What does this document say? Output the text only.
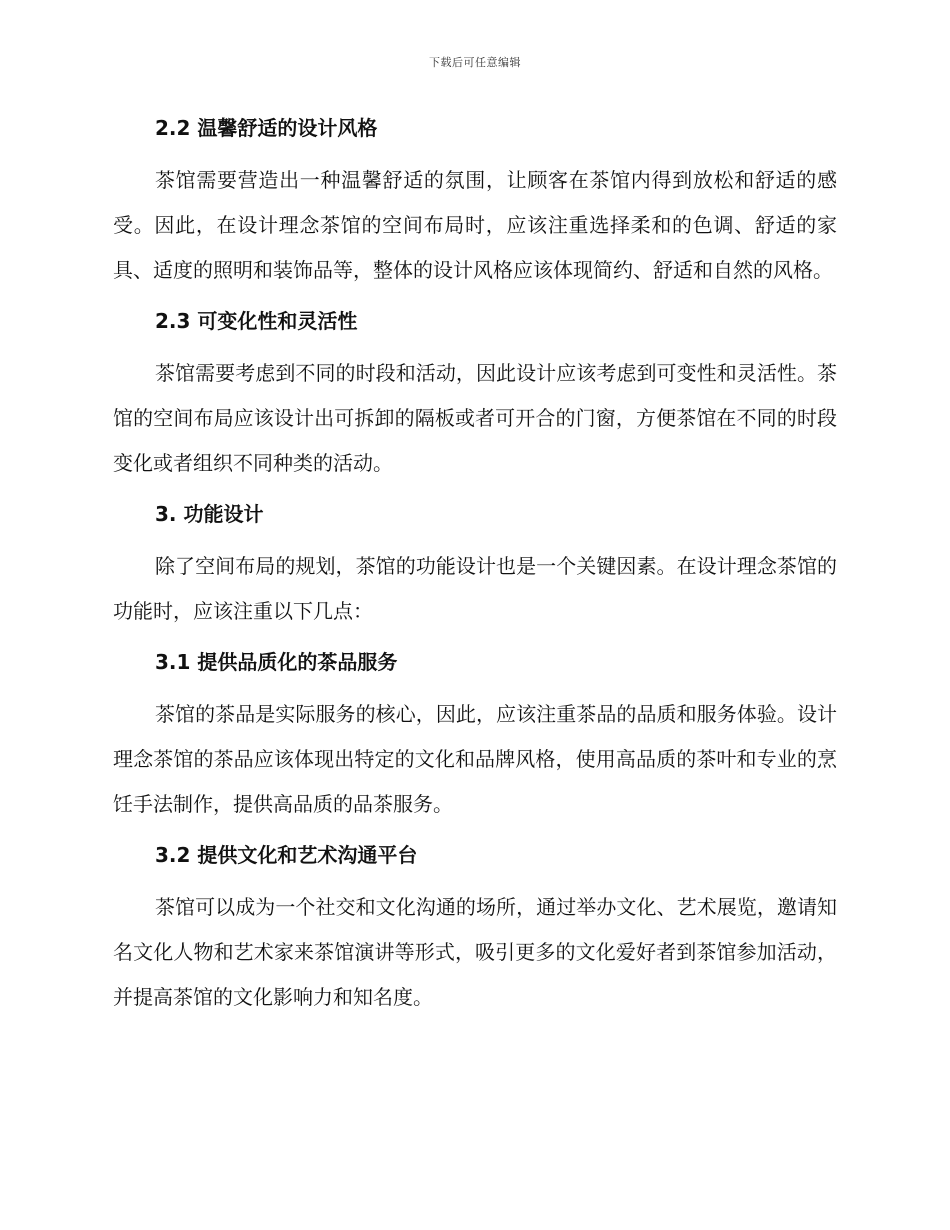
下载后可任意编辑
2.2 温馨舒适的设计风格

茶馆需要营造出一种温馨舒适的氛围，让顾客在茶馆内得到放松和舒适的感受。因此，在设计理念茶馆的空间布局时，应该注重选择柔和的色调、舒适的家具、适度的照明和装饰品等，整体的设计风格应该体现简约、舒适和自然的风格。

2.3 可变化性和灵活性

茶馆需要考虑到不同的时段和活动，因此设计应该考虑到可变性和灵活性。茶馆的空间布局应该设计出可拆卸的隔板或者可开合的门窗，方便茶馆在不同的时段变化或者组织不同种类的活动。

3. 功能设计

除了空间布局的规划，茶馆的功能设计也是一个关键因素。在设计理念茶馆的功能时，应该注重以下几点：

3.1 提供品质化的茶品服务

茶馆的茶品是实际服务的核心，因此，应该注重茶品的品质和服务体验。设计理念茶馆的茶品应该体现出特定的文化和品牌风格，使用高品质的茶叶和专业的烹饪手法制作，提供高品质的品茶服务。

3.2 提供文化和艺术沟通平台

茶馆可以成为一个社交和文化沟通的场所，通过举办文化、艺术展览，邀请知名文化人物和艺术家来茶馆演讲等形式，吸引更多的文化爱好者到茶馆参加活动，并提高茶馆的文化影响力和知名度。
